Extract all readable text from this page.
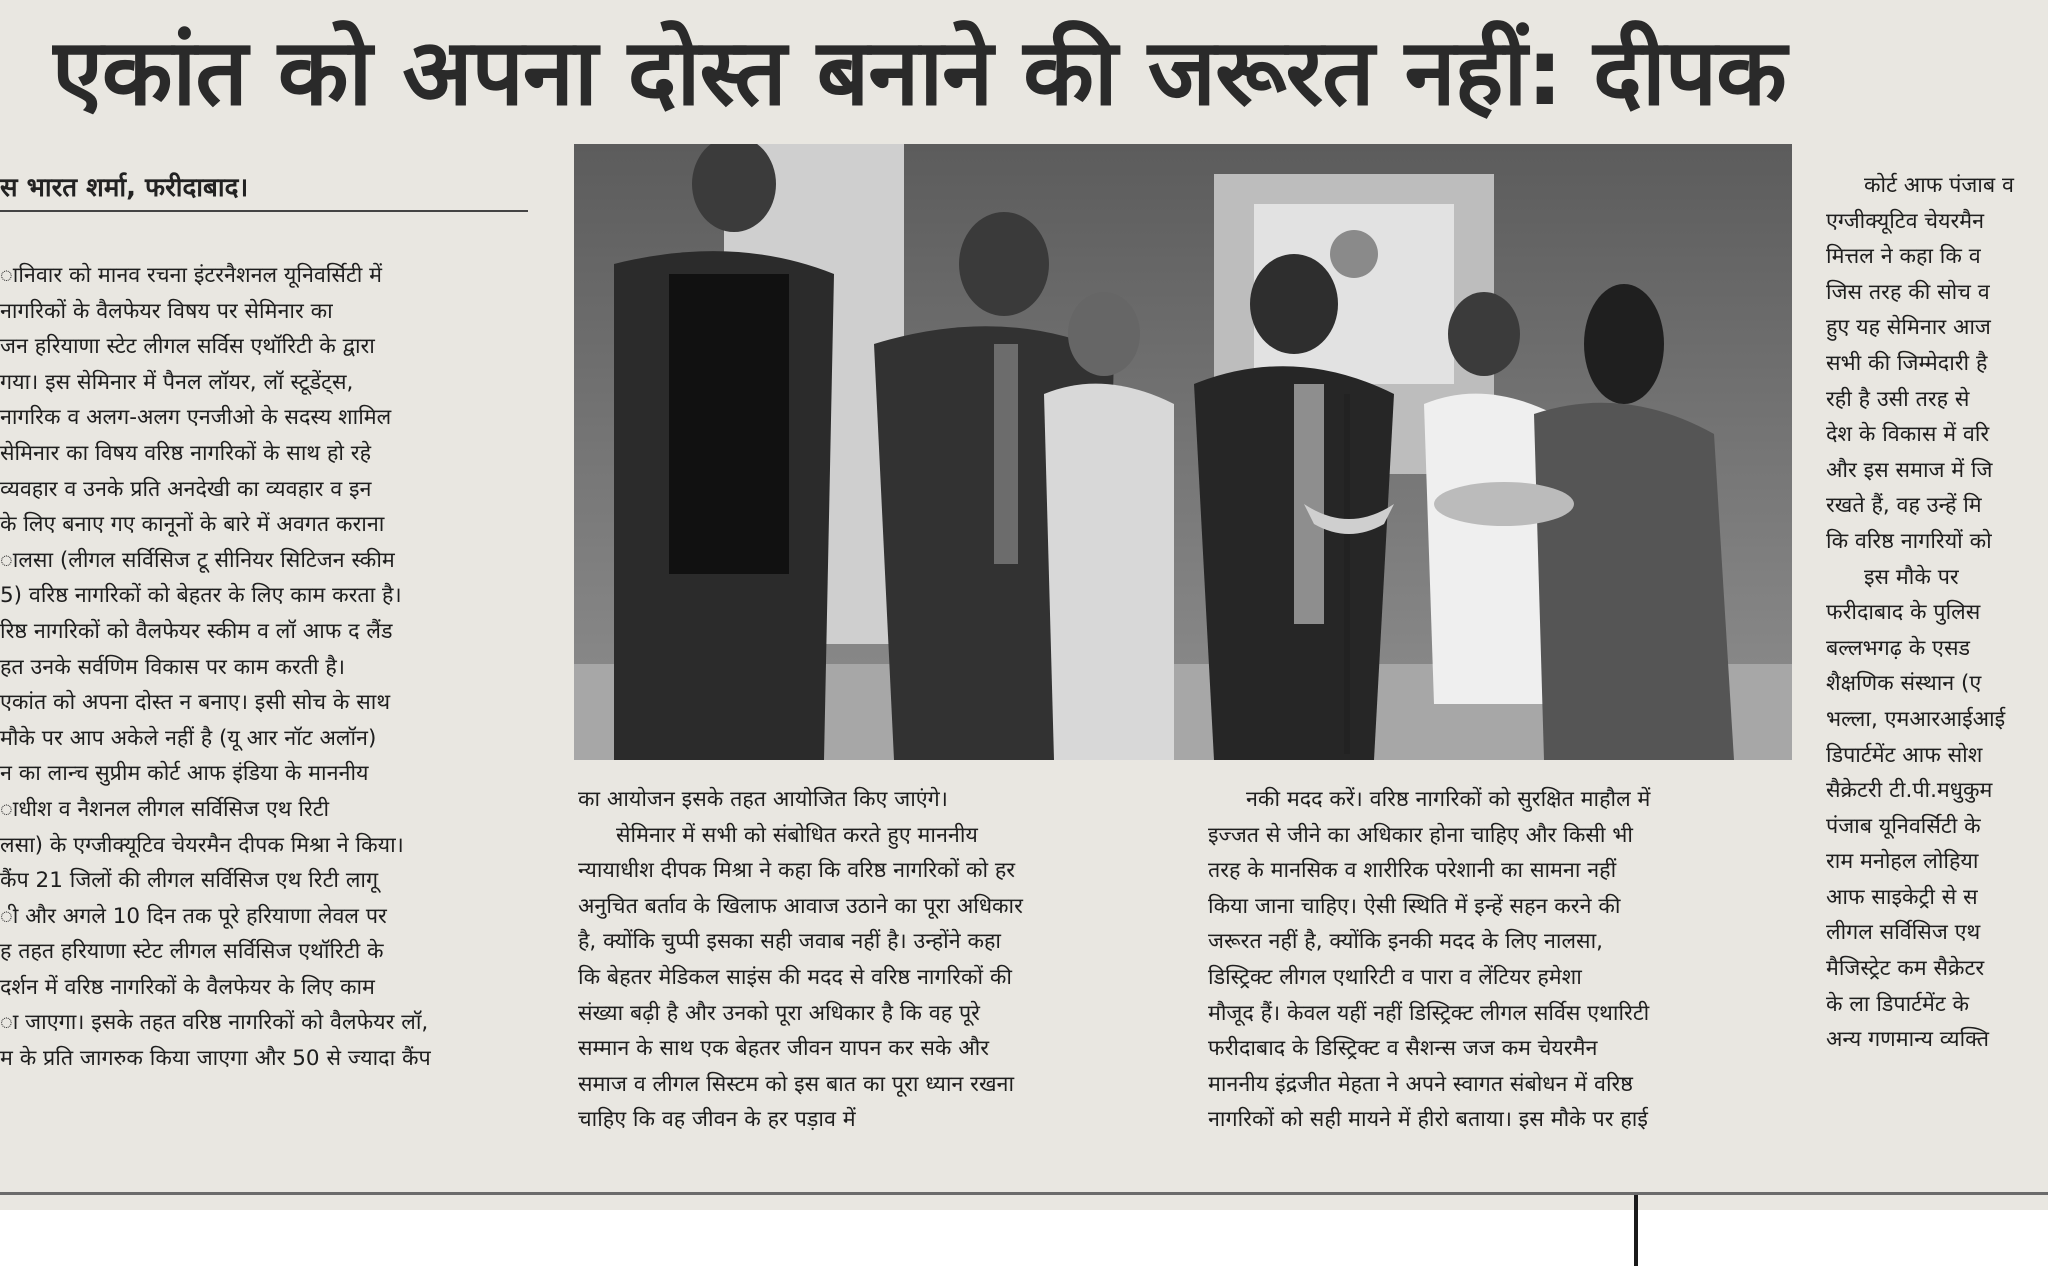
एकांत को अपना दोस्त बनाने की जरूरत नहीं: दीपक
स भारत शर्मा, फरीदाबाद।
ानिवार को मानव रचना इंटरनैशनल यूनिवर्सिटी में
नागरिकों के वैलफेयर विषय पर सेमिनार का
जन हरियाणा स्टेट लीगल सर्विस एथॉरिटी के द्वारा
गया। इस सेमिनार में पैनल लॉयर, लॉ स्टूडेंट्स,
नागरिक व अलग-अलग एनजीओ के सदस्य शामिल
सेमिनार का विषय वरिष्ठ नागरिकों के साथ हो रहे
व्यवहार व उनके प्रति अनदेखी का व्यवहार व इन
के लिए बनाए गए कानूनों के बारे में अवगत कराना
ालसा (लीगल सर्विसिज टू सीनियर सिटिजन स्कीम
5) वरिष्ठ नागरिकों को बेहतर के लिए काम करता है।
रिष्ठ नागरिकों को वैलफेयर स्कीम व लॉ आफ द लैंड
हत उनके सर्वणिम विकास पर काम करती है।
एकांत को अपना दोस्त न बनाए। इसी सोच के साथ
मौके पर आप अकेले नहीं है (यू आर नॉट अलॉन)
न का लान्च सुप्रीम कोर्ट आफ इंडिया के माननीय
ाधीश व नैशनल लीगल सर्विसिज एथ रिटी
लसा) के एग्जीक्यूटिव चेयरमैन दीपक मिश्रा ने किया।
कैंप 21 जिलों की लीगल सर्विसिज एथ रिटी लागू
ी और अगले 10 दिन तक पूरे हरियाणा लेवल पर
ह तहत हरियाणा स्टेट लीगल सर्विसिज एथॉरिटी के
दर्शन में वरिष्ठ नागरिकों के वैलफेयर के लिए काम
ा जाएगा। इसके तहत वरिष्ठ नागरिकों को वैलफेयर लॉ,
म के प्रति जागरुक किया जाएगा और 50 से ज्यादा कैंप
का आयोजन इसके तहत आयोजित किए जाएंगे।
सेमिनार में सभी को संबोधित करते हुए माननीय
न्यायाधीश दीपक मिश्रा ने कहा कि वरिष्ठ नागरिकों को हर
अनुचित बर्ताव के खिलाफ आवाज उठाने का पूरा अधिकार
है, क्योंकि चुप्पी इसका सही जवाब नहीं है। उन्होंने कहा
कि बेहतर मेडिकल साइंस की मदद से वरिष्ठ नागरिकों की
संख्या बढ़ी है और उनको पूरा अधिकार है कि वह पूरे
सम्मान के साथ एक बेहतर जीवन यापन कर सके और
समाज व लीगल सिस्टम को इस बात का पूरा ध्यान रखना
चाहिए कि वह जीवन के हर पड़ाव में
नकी मदद करें। वरिष्ठ नागरिकों को सुरक्षित माहौल में
इज्जत से जीने का अधिकार होना चाहिए और किसी भी
तरह के मानसिक व शारीरिक परेशानी का सामना नहीं
किया जाना चाहिए। ऐसी स्थिति में इन्हें सहन करने की
जरूरत नहीं है, क्योंकि इनकी मदद के लिए नालसा,
डिस्ट्रिक्ट लीगल एथारिटी व पारा व लेंटियर हमेशा
मौजूद हैं। केवल यहीं नहीं डिस्ट्रिक्ट लीगल सर्विस एथारिटी
फरीदाबाद के डिस्ट्रिक्ट व सैशन्स जज कम चेयरमैन
माननीय इंद्रजीत मेहता ने अपने स्वागत संबोधन में वरिष्ठ
नागरिकों को सही मायने में हीरो बताया। इस मौके पर हाई
कोर्ट आफ पंजाब व
एग्जीक्यूटिव चेयरमैन
मित्तल ने कहा कि व
जिस तरह की सोच व
हुए यह सेमिनार आज
सभी की जिम्मेदारी है
रही है उसी तरह से
देश के विकास में वरि
और इस समाज में जि
रखते हैं, वह उन्हें मि
कि वरिष्ठ नागरियों को
इस मौके पर
फरीदाबाद के पुलिस
बल्लभगढ़ के एसड
शैक्षणिक संस्थान (ए
भल्ला, एमआरआईआई
डिपार्टमेंट आफ सोश
सैक्रेटरी टी.पी.मधुकुम
पंजाब यूनिवर्सिटी के
राम मनोहल लोहिया
आफ साइकेट्री से स
लीगल सर्विसिज एथ
मैजिस्ट्रेट कम सैक्रेटर
के ला डिपार्टमेंट के
अन्य गणमान्य व्यक्ति
